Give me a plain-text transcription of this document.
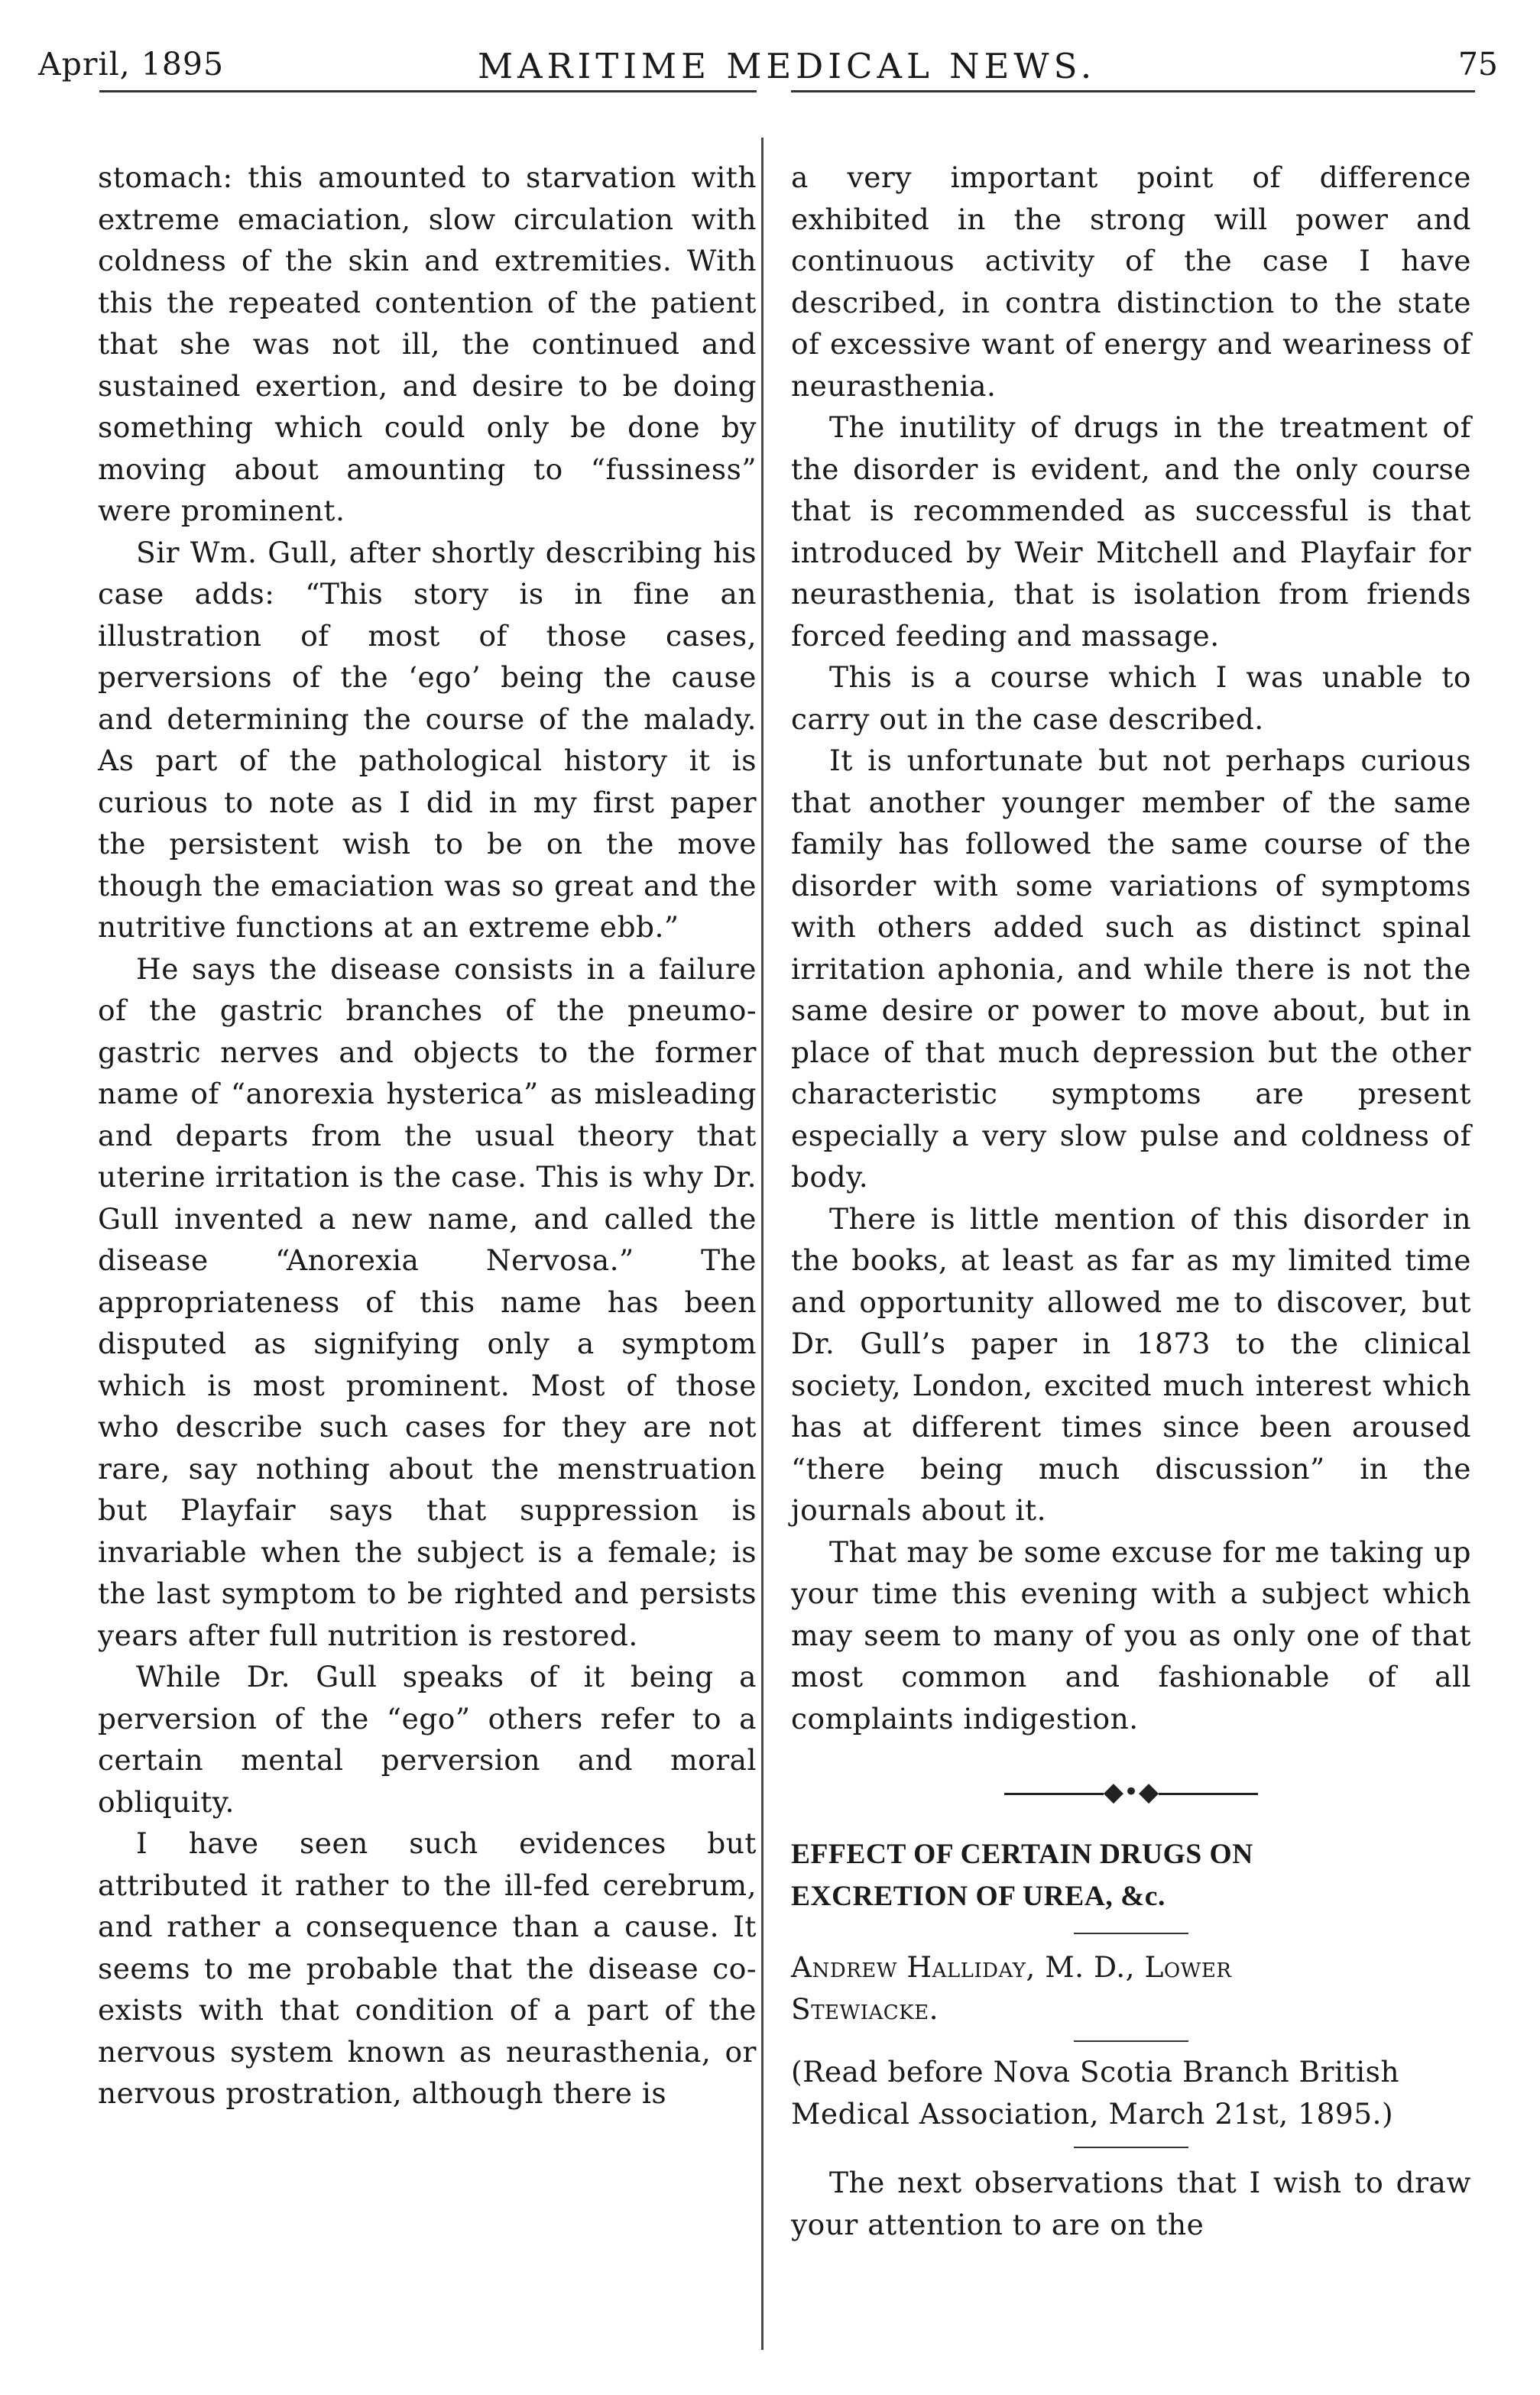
April, 1895	MARITIME MEDICAL NEWS.	75

stomach: this amounted to starvation with extreme emaciation, slow circulation with coldness of the skin and extremities. With this the repeated contention of the patient that she was not ill, the continued and sustained exertion, and desire to be doing something which could only be done by moving about amounting to “fussiness” were prominent.

Sir Wm. Gull, after shortly describing his case adds: “This story is in fine an illustration of most of those cases, perversions of the ‘ego’ being the cause and determining the course of the malady. As part of the pathological history it is curious to note as I did in my first paper the persistent wish to be on the move though the emaciation was so great and the nutritive functions at an extreme ebb.”

He says the disease consists in a failure of the gastric branches of the pneumo-gastric nerves and objects to the former name of “anorexia hysterica” as misleading and departs from the usual theory that uterine irritation is the case. This is why Dr. Gull invented a new name, and called the disease “Anorexia Nervosa.” The appropriateness of this name has been disputed as signifying only a symptom which is most prominent. Most of those who describe such cases for they are not rare, say nothing about the menstruation but Playfair says that suppression is invariable when the subject is a female; is the last symptom to be righted and persists years after full nutrition is restored.

While Dr. Gull speaks of it being a perversion of the “ego” others refer to a certain mental perversion and moral obliquity.

I have seen such evidences but attributed it rather to the ill-fed cerebrum, and rather a consequence than a cause. It seems to me probable that the disease co-exists with that condition of a part of the nervous system known as neurasthenia, or nervous prostration, although there is

a very important point of difference exhibited in the strong will power and continuous activity of the case I have described, in contra distinction to the state of excessive want of energy and weariness of neurasthenia.

The inutility of drugs in the treatment of the disorder is evident, and the only course that is recommended as successful is that introduced by Weir Mitchell and Playfair for neurasthenia, that is isolation from friends forced feeding and massage.

This is a course which I was unable to carry out in the case described.

It is unfortunate but not perhaps curious that another younger member of the same family has followed the same course of the disorder with some variations of symptoms with others added such as distinct spinal irritation aphonia, and while there is not the same desire or power to move about, but in place of that much depression but the other characteristic symptoms are present especially a very slow pulse and coldness of body.

There is little mention of this disorder in the books, at least as far as my limited time and opportunity allowed me to discover, but Dr. Gull’s paper in 1873 to the clinical society, London, excited much interest which has at different times since been aroused “there being much discussion” in the journals about it.

That may be some excuse for me taking up your time this evening with a subject which may seem to many of you as only one of that most common and fashionable of all complaints indigestion.

◆•◆

EFFECT OF CERTAIN DRUGS ON

EXCRETION OF UREA, &c.

Andrew Halliday, M. D., Lower

Stewiacke.

(Read before Nova Scotia Branch British

Medical Association, March 21st, 1895.)

The next observations that I wish to draw your attention to are on the
